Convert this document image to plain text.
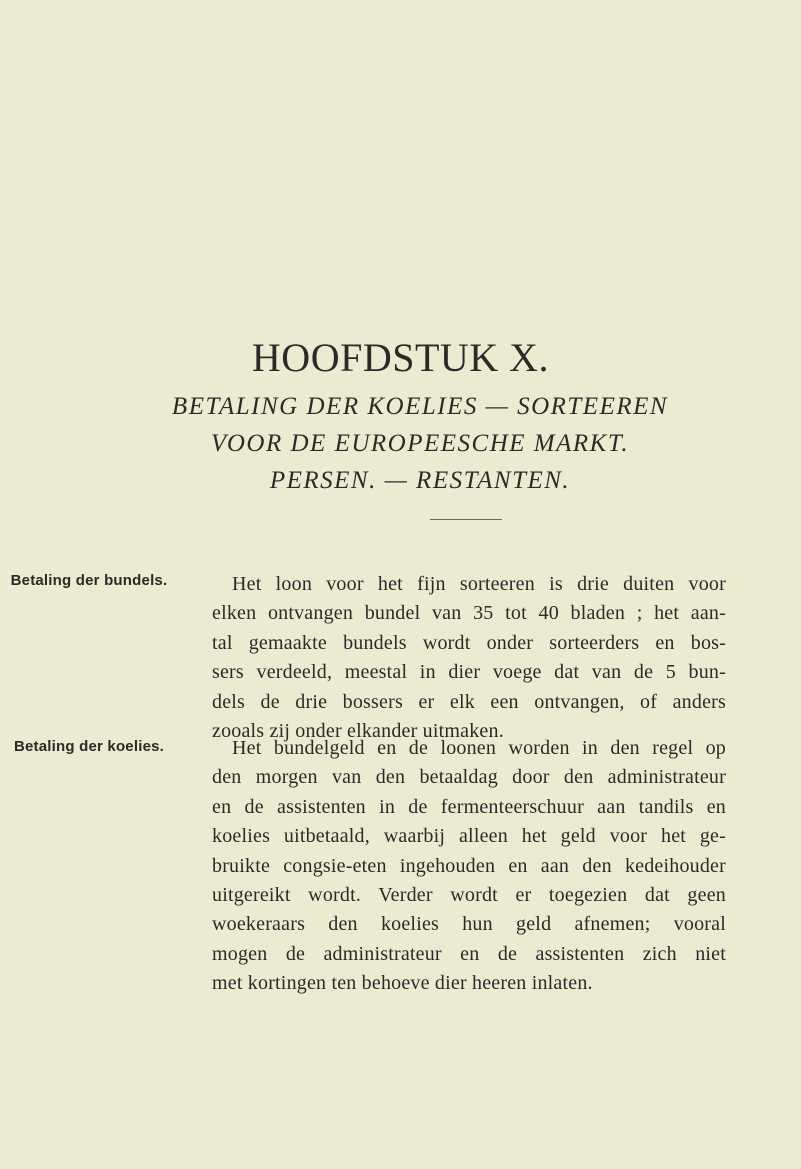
HOOFDSTUK X.
BETALING DER KOELIES — SORTEEREN
VOOR DE EUROPEESCHE MARKT.
PERSEN. — RESTANTEN.
Betaling der bundels.	Het loon voor het fijn sorteeren is drie duiten voor
elken ontvangen bundel van 35 tot 40 bladen ; het aan-
tal gemaakte bundels wordt onder sorteerders en bos-
sers verdeeld, meestal in dier voege dat van de 5 bun-
dels de drie bossers er elk een ontvangen, of anders
zooals zij onder elkander uitmaken.
Betaling der koelies.	Het bundelgeld en de loonen worden in den regel op
den morgen van den betaaldag door den administrateur
en de assistenten in de fermenteerschuur aan tandils en
koelies uitbetaald, waarbij alleen het geld voor het ge-
bruikte congsie-eten ingehouden en aan den kedeihouder
uitgereikt wordt. Verder wordt er toegezien dat geen
woekeraars den koelies hun geld afnemen; vooral
mogen de administrateur en de assistenten zich niet
met kortingen ten behoeve dier heeren inlaten.
